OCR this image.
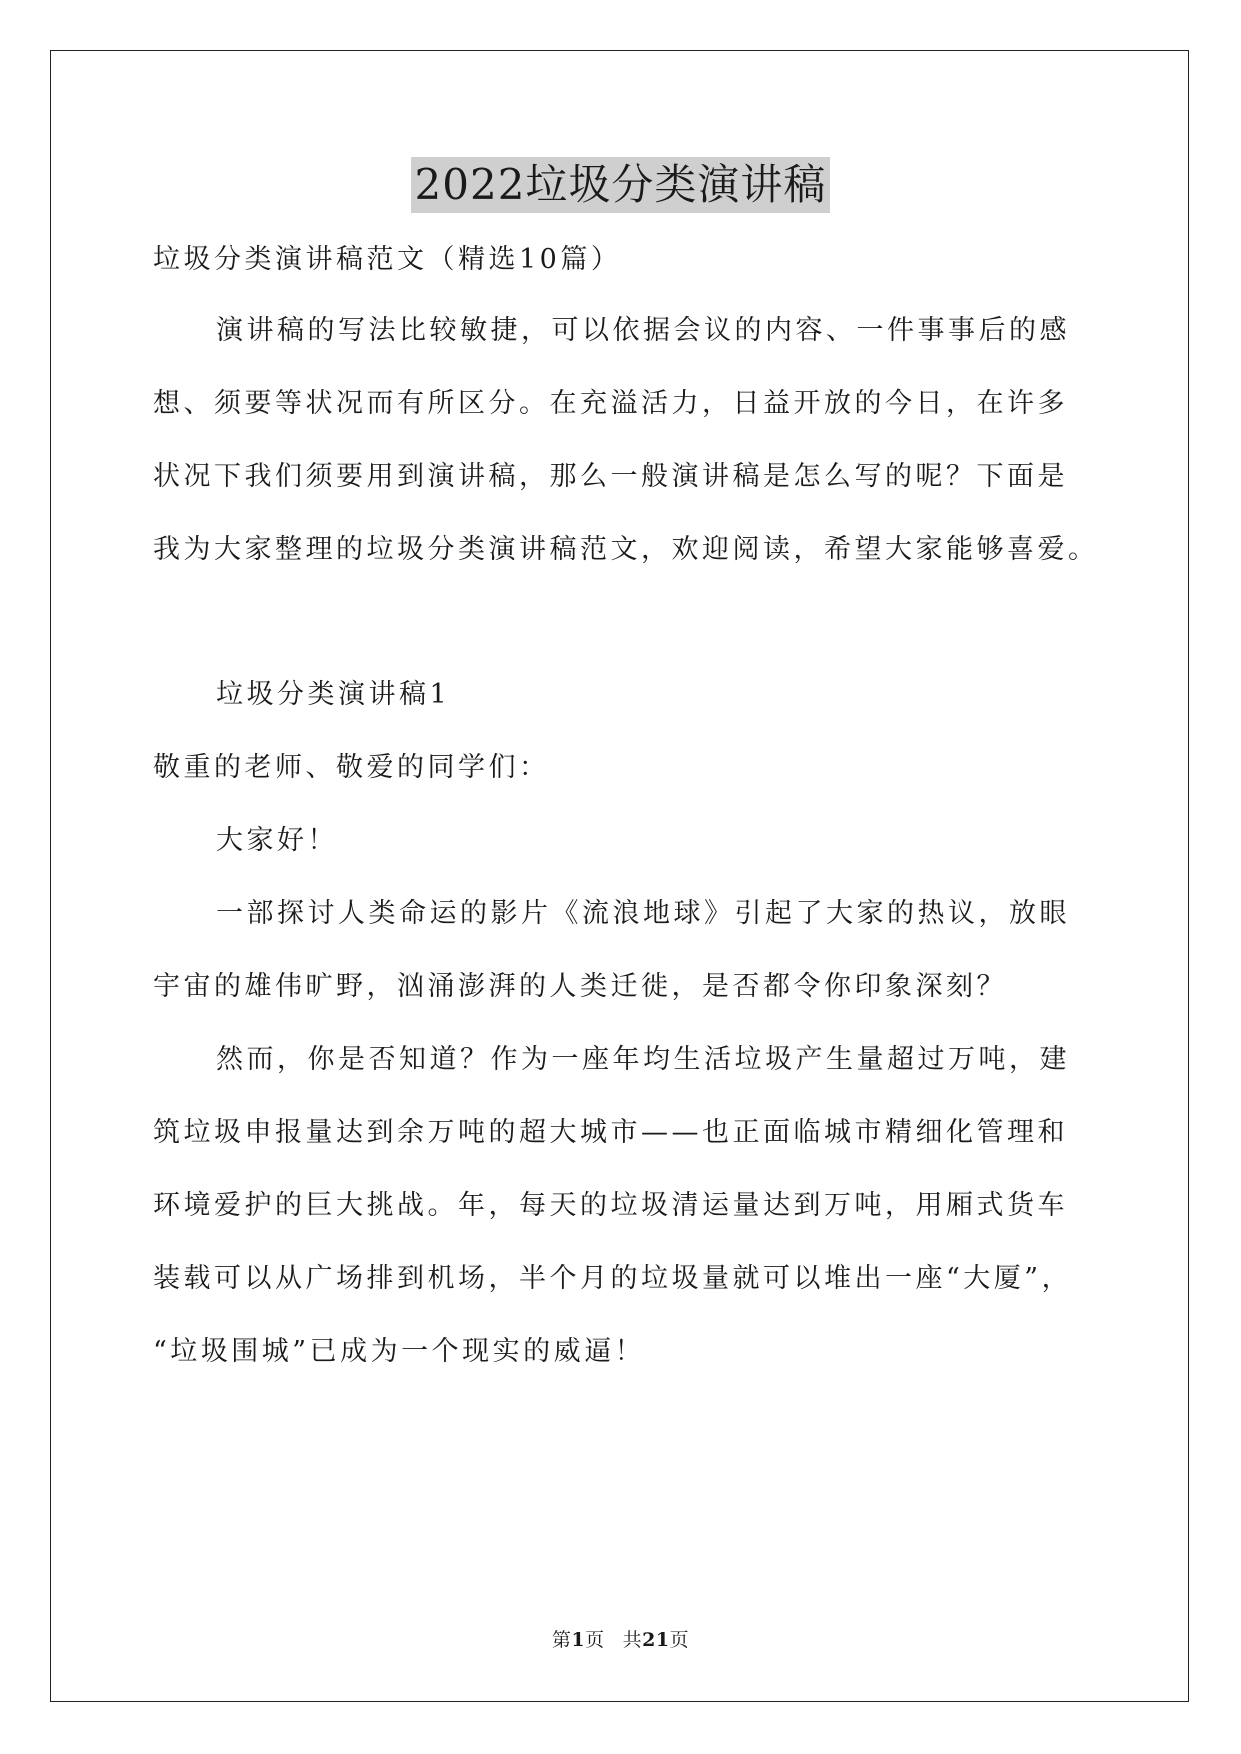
2022垃圾分类演讲稿
垃圾分类演讲稿范文（精选10篇）
演讲稿的写法比较敏捷，可以依据会议的内容、一件事事后的感
想、须要等状况而有所区分。在充溢活力，日益开放的今日，在许多
状况下我们须要用到演讲稿，那么一般演讲稿是怎么写的呢？下面是
我为大家整理的垃圾分类演讲稿范文，欢迎阅读，希望大家能够喜爱。
垃圾分类演讲稿1
敬重的老师、敬爱的同学们：
大家好！
一部探讨人类命运的影片《流浪地球》引起了大家的热议，放眼
宇宙的雄伟旷野，汹涌澎湃的人类迁徙，是否都令你印象深刻？
然而，你是否知道？作为一座年均生活垃圾产生量超过万吨，建
筑垃圾申报量达到余万吨的超大城市——也正面临城市精细化管理和
环境爱护的巨大挑战。年，每天的垃圾清运量达到万吨，用厢式货车
装载可以从广场排到机场，半个月的垃圾量就可以堆出一座“大厦”，
“垃圾围城”已成为一个现实的威逼！
第1页 共21页
